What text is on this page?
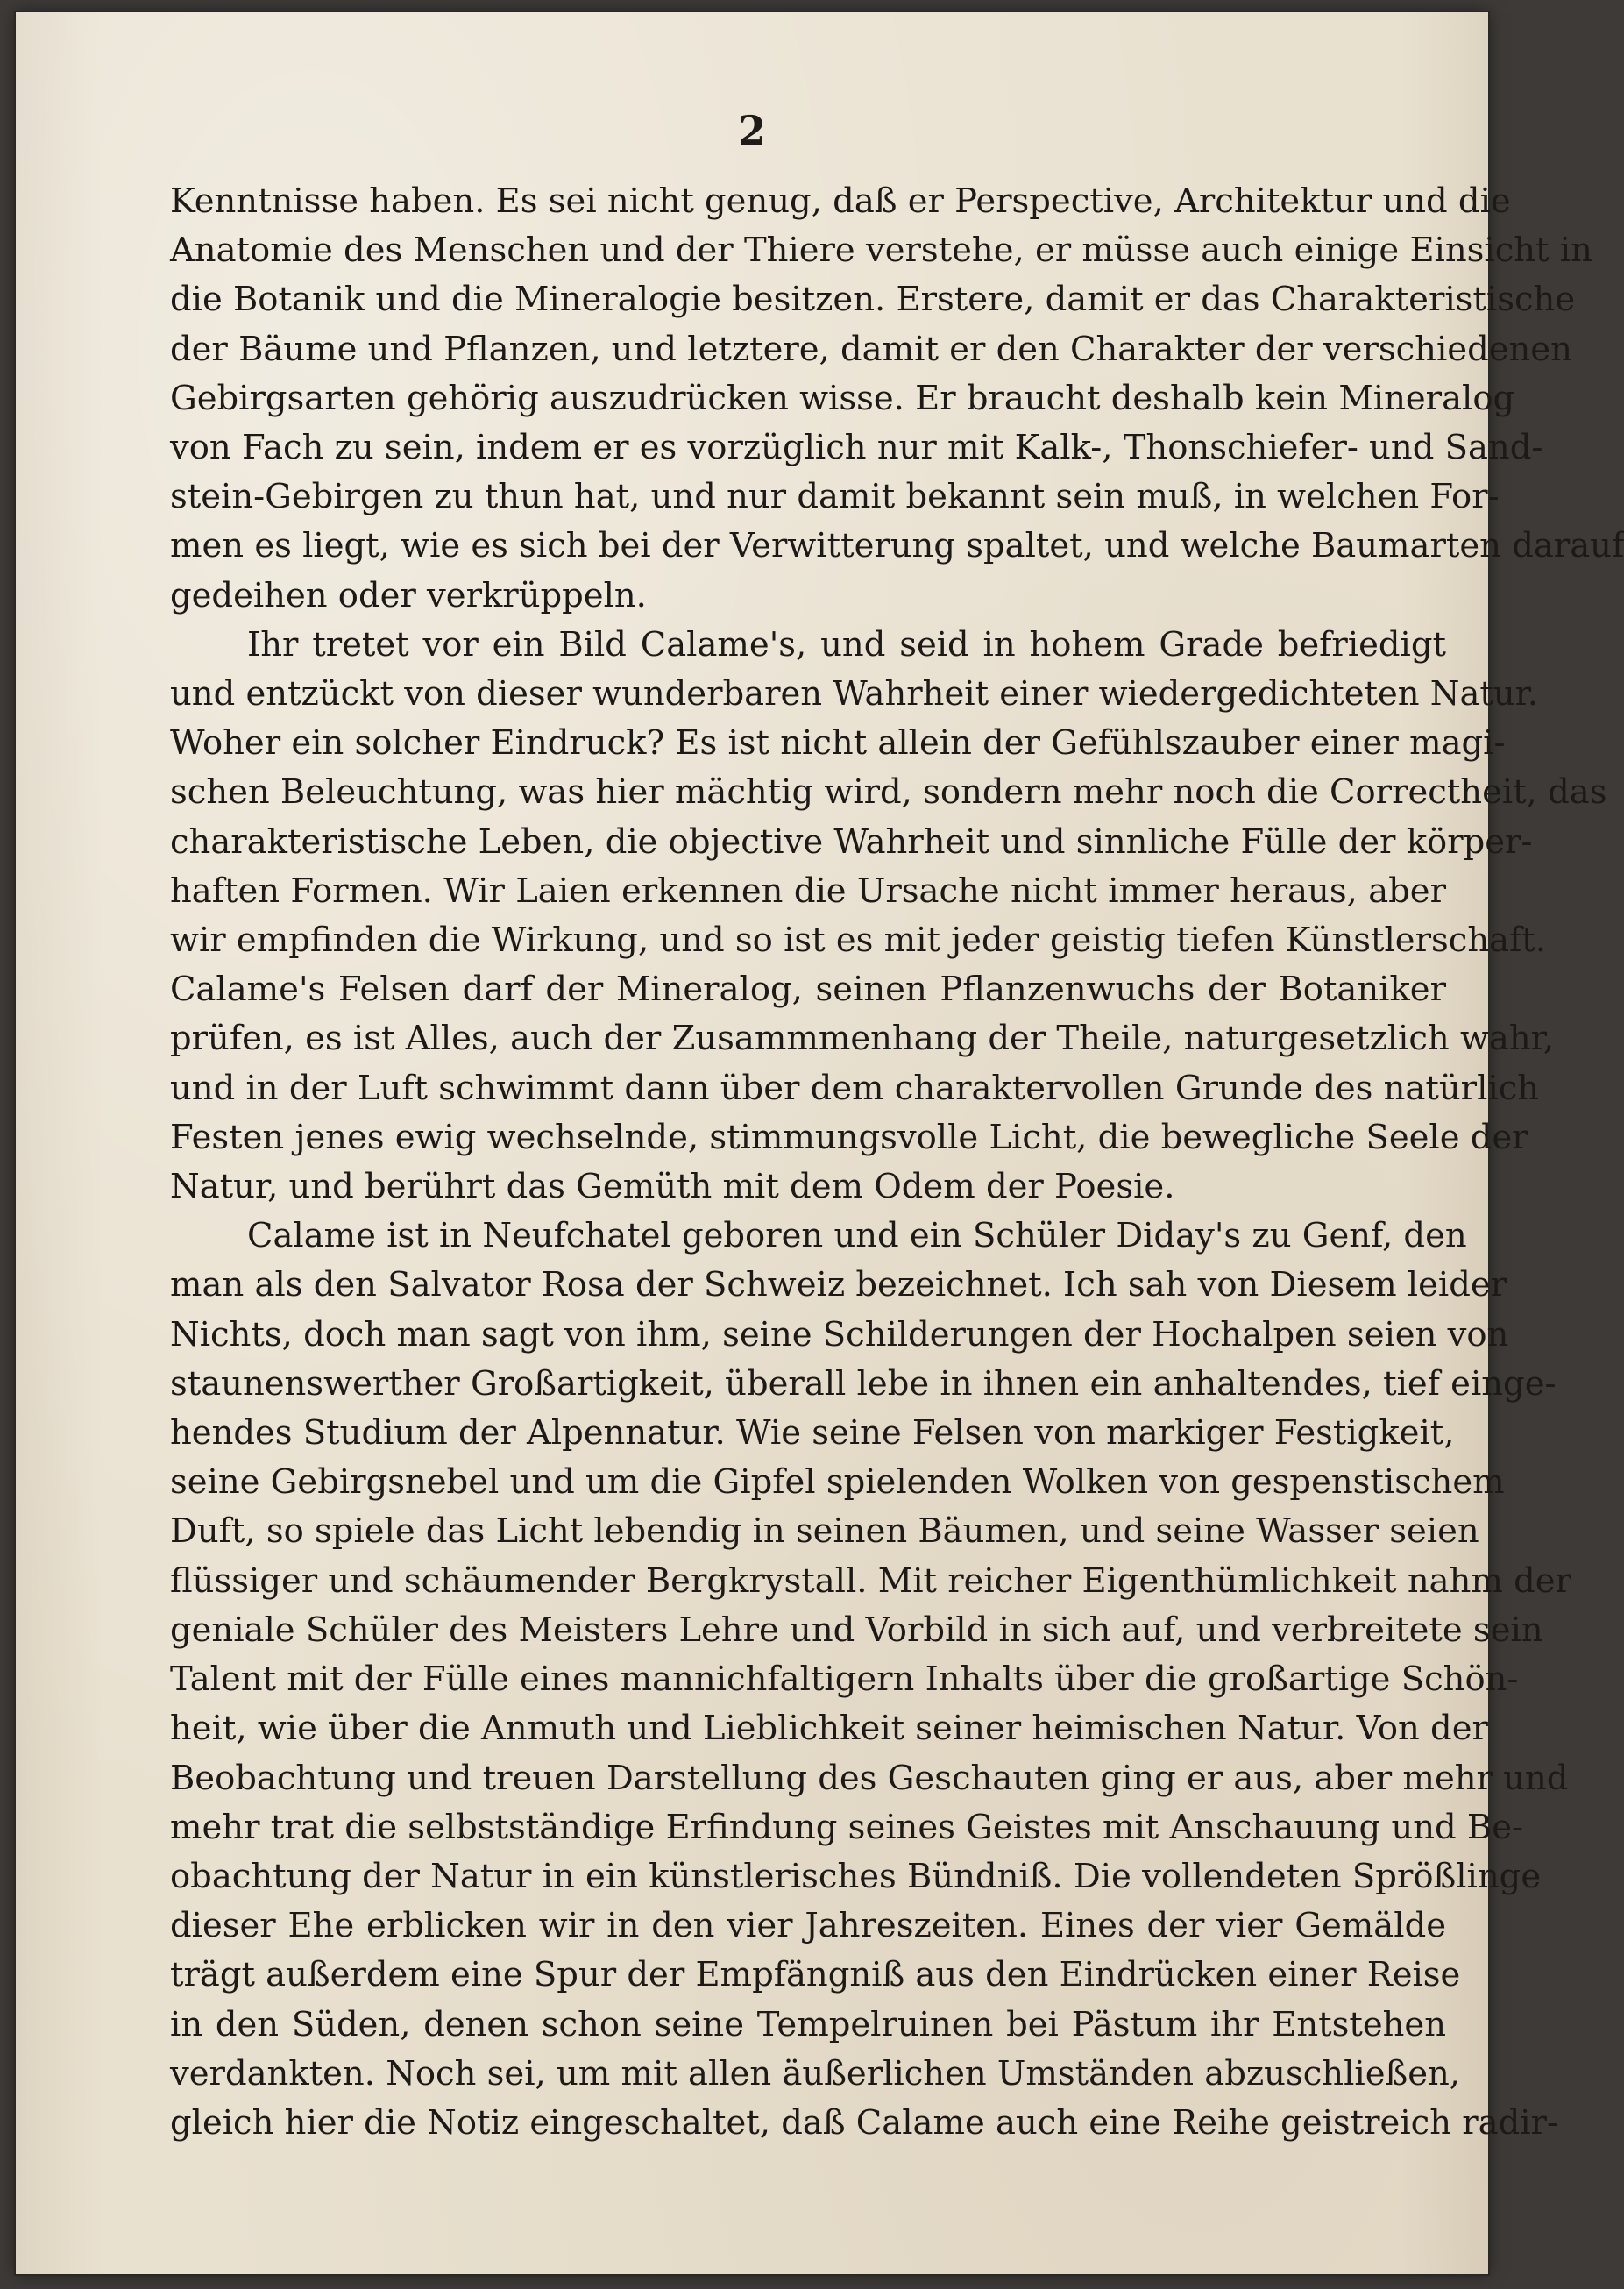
2
Kenntnisse haben. Es sei nicht genug, daß er Perspective, Architektur und die
Anatomie des Menschen und der Thiere verstehe, er müsse auch einige Einsicht in
die Botanik und die Mineralogie besitzen. Erstere, damit er das Charakteristische
der Bäume und Pflanzen, und letztere, damit er den Charakter der verschiedenen
Gebirgsarten gehörig auszudrücken wisse. Er braucht deshalb kein Mineralog
von Fach zu sein, indem er es vorzüglich nur mit Kalk-, Thonschiefer- und Sand-
stein-Gebirgen zu thun hat, und nur damit bekannt sein muß, in welchen For-
men es liegt, wie es sich bei der Verwitterung spaltet, und welche Baumarten darauf
gedeihen oder verkrüppeln.
Ihr tretet vor ein Bild Calame's, und seid in hohem Grade befriedigt
und entzückt von dieser wunderbaren Wahrheit einer wiedergedichteten Natur.
Woher ein solcher Eindruck? Es ist nicht allein der Gefühlszauber einer magi-
schen Beleuchtung, was hier mächtig wird, sondern mehr noch die Correctheit, das
charakteristische Leben, die objective Wahrheit und sinnliche Fülle der körper-
haften Formen. Wir Laien erkennen die Ursache nicht immer heraus, aber
wir empfinden die Wirkung, und so ist es mit jeder geistig tiefen Künstlerschaft.
Calame's Felsen darf der Mineralog, seinen Pflanzenwuchs der Botaniker
prüfen, es ist Alles, auch der Zusammmenhang der Theile, naturgesetzlich wahr,
und in der Luft schwimmt dann über dem charaktervollen Grunde des natürlich
Festen jenes ewig wechselnde, stimmungsvolle Licht, die bewegliche Seele der
Natur, und berührt das Gemüth mit dem Odem der Poesie.
Calame ist in Neufchatel geboren und ein Schüler Diday's zu Genf, den
man als den Salvator Rosa der Schweiz bezeichnet. Ich sah von Diesem leider
Nichts, doch man sagt von ihm, seine Schilderungen der Hochalpen seien von
staunenswerther Großartigkeit, überall lebe in ihnen ein anhaltendes, tief einge-
hendes Studium der Alpennatur. Wie seine Felsen von markiger Festigkeit,
seine Gebirgsnebel und um die Gipfel spielenden Wolken von gespenstischem
Duft, so spiele das Licht lebendig in seinen Bäumen, und seine Wasser seien
flüssiger und schäumender Bergkrystall. Mit reicher Eigenthümlichkeit nahm der
geniale Schüler des Meisters Lehre und Vorbild in sich auf, und verbreitete sein
Talent mit der Fülle eines mannichfaltigern Inhalts über die großartige Schön-
heit, wie über die Anmuth und Lieblichkeit seiner heimischen Natur. Von der
Beobachtung und treuen Darstellung des Geschauten ging er aus, aber mehr und
mehr trat die selbstständige Erfindung seines Geistes mit Anschauung und Be-
obachtung der Natur in ein künstlerisches Bündniß. Die vollendeten Sprößlinge
dieser Ehe erblicken wir in den vier Jahreszeiten. Eines der vier Gemälde
trägt außerdem eine Spur der Empfängniß aus den Eindrücken einer Reise
in den Süden, denen schon seine Tempelruinen bei Pästum ihr Entstehen
verdankten. Noch sei, um mit allen äußerlichen Umständen abzuschließen,
gleich hier die Notiz eingeschaltet, daß Calame auch eine Reihe geistreich radir-
